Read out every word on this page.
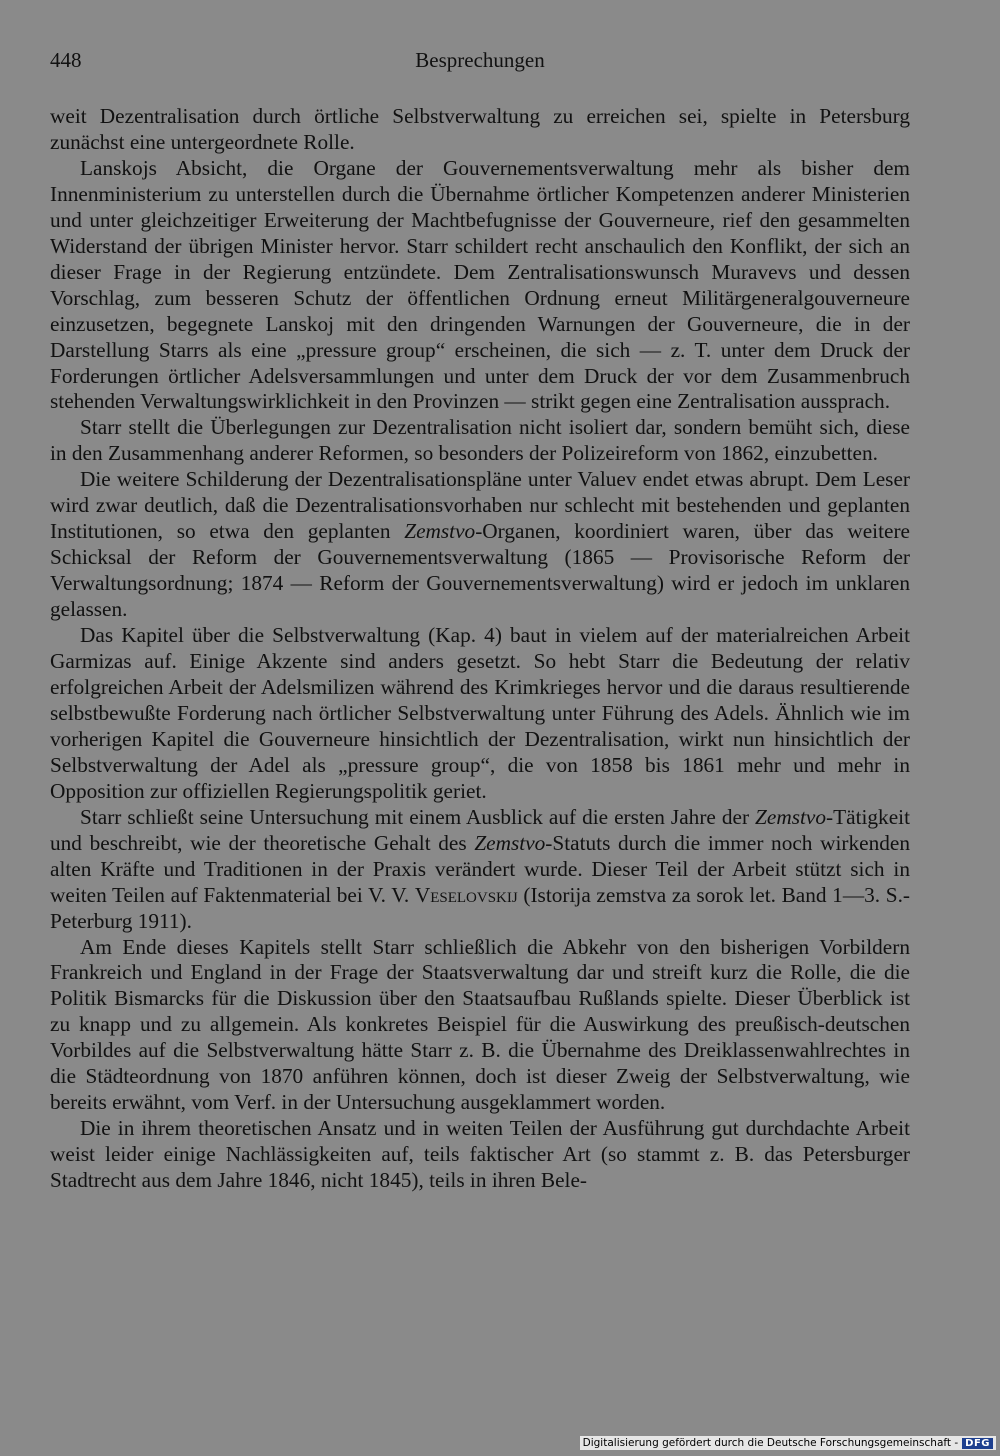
448	Besprechungen

weit Dezentralisation durch örtliche Selbstverwaltung zu erreichen sei, spielte in Petersburg zunächst eine untergeordnete Rolle.

Lanskojs Absicht, die Organe der Gouvernementsverwaltung mehr als bisher dem Innenministerium zu unterstellen durch die Übernahme örtlicher Kompetenzen anderer Ministerien und unter gleichzeitiger Erweiterung der Machtbefugnisse der Gouverneure, rief den gesammelten Widerstand der übrigen Minister hervor. Starr schildert recht anschaulich den Konflikt, der sich an dieser Frage in der Regierung entzündete. Dem Zentralisationswunsch Muravevs und dessen Vorschlag, zum besseren Schutz der öffentlichen Ordnung erneut Militärgeneralgouverneure einzusetzen, begegnete Lanskoj mit den dringenden Warnungen der Gouverneure, die in der Darstellung Starrs als eine „pressure group“ erscheinen, die sich — z. T. unter dem Druck der Forderungen örtlicher Adelsversammlungen und unter dem Druck der vor dem Zusammenbruch stehenden Verwaltungswirklichkeit in den Provinzen — strikt gegen eine Zentralisation aussprach.

Starr stellt die Überlegungen zur Dezentralisation nicht isoliert dar, sondern bemüht sich, diese in den Zusammenhang anderer Reformen, so besonders der Polizeireform von 1862, einzubetten.

Die weitere Schilderung der Dezentralisationspläne unter Valuev endet etwas abrupt. Dem Leser wird zwar deutlich, daß die Dezentralisationsvorhaben nur schlecht mit bestehenden und geplanten Institutionen, so etwa den geplanten Zemstvo-Organen, koordiniert waren, über das weitere Schicksal der Reform der Gouvernementsverwaltung (1865 — Provisorische Reform der Verwaltungsordnung; 1874 — Reform der Gouvernementsverwaltung) wird er jedoch im unklaren gelassen.

Das Kapitel über die Selbstverwaltung (Kap. 4) baut in vielem auf der materialreichen Arbeit Garmizas auf. Einige Akzente sind anders gesetzt. So hebt Starr die Bedeutung der relativ erfolgreichen Arbeit der Adelsmilizen während des Krimkrieges hervor und die daraus resultierende selbstbewußte Forderung nach örtlicher Selbstverwaltung unter Führung des Adels. Ähnlich wie im vorherigen Kapitel die Gouverneure hinsichtlich der Dezentralisation, wirkt nun hinsichtlich der Selbstverwaltung der Adel als „pressure group“, die von 1858 bis 1861 mehr und mehr in Opposition zur offiziellen Regierungspolitik geriet.

Starr schließt seine Untersuchung mit einem Ausblick auf die ersten Jahre der Zemstvo-Tätigkeit und beschreibt, wie der theoretische Gehalt des Zemstvo-Statuts durch die immer noch wirkenden alten Kräfte und Traditionen in der Praxis verändert wurde. Dieser Teil der Arbeit stützt sich in weiten Teilen auf Faktenmaterial bei V. V. Veselovskij (Istorija zemstva za sorok let. Band 1—3. S.-Peterburg 1911).

Am Ende dieses Kapitels stellt Starr schließlich die Abkehr von den bisherigen Vorbildern Frankreich und England in der Frage der Staatsverwaltung dar und streift kurz die Rolle, die die Politik Bismarcks für die Diskussion über den Staatsaufbau Rußlands spielte. Dieser Überblick ist zu knapp und zu allgemein. Als konkretes Beispiel für die Auswirkung des preußisch-deutschen Vorbildes auf die Selbstverwaltung hätte Starr z. B. die Übernahme des Dreiklassenwahlrechtes in die Städteordnung von 1870 anführen können, doch ist dieser Zweig der Selbstverwaltung, wie bereits erwähnt, vom Verf. in der Untersuchung ausgeklammert worden.

Die in ihrem theoretischen Ansatz und in weiten Teilen der Ausführung gut durchdachte Arbeit weist leider einige Nachlässigkeiten auf, teils faktischer Art (so stammt z. B. das Petersburger Stadtrecht aus dem Jahre 1846, nicht 1845), teils in ihren Bele-

Digitalisierung gefördert durch die Deutsche Forschungsgemeinschaft - DFG
